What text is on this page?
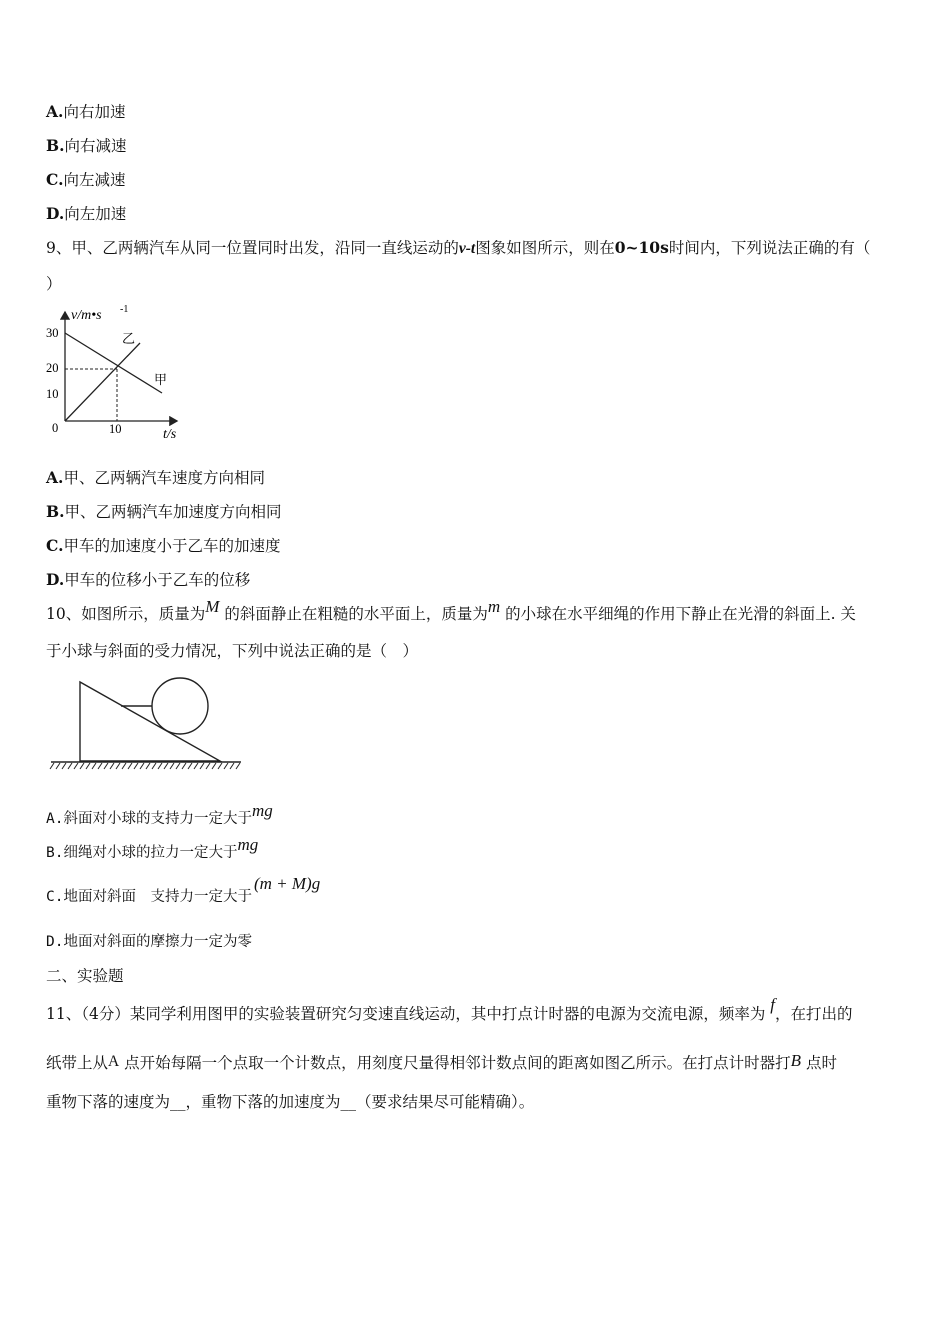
A.向右加速
B.向右减速
C.向左减速
D.向左加速
9、甲、乙两辆汽车从同一位置同时出发，沿同一直线运动的v-t图象如图所示，则在0~10s时间内，下列说法正确的有（
）
v/m•s -1
30
20
10
0	10	t/s
乙
甲
A.甲、乙两辆汽车速度方向相同
B.甲、乙两辆汽车加速度方向相同
C.甲车的加速度小于乙车的加速度
D.甲车的位移小于乙车的位移
10、如图所示，质量为M 的斜面静止在粗糙的水平面上，质量为m 的小球在水平细绳的作用下静止在光滑的斜面上. 关
于小球与斜面的受力情况，下列中说法正确的是（　）
A.斜面对小球的支持力一定大于mg
B.细绳对小球的拉力一定大于mg
C.地面对斜面　支持力一定大于(m + M)g
D.地面对斜面的摩擦力一定为零
二、实验题
11、（4分）某同学利用图甲的实验装置研究匀变速直线运动，其中打点计时器的电源为交流电源，频率为 f，在打出的
纸带上从A 点开始每隔一个点取一个计数点，用刻度尺量得相邻计数点间的距离如图乙所示。在打点计时器打B 点时
重物下落的速度为__，重物下落的加速度为__（要求结果尽可能精确）。
